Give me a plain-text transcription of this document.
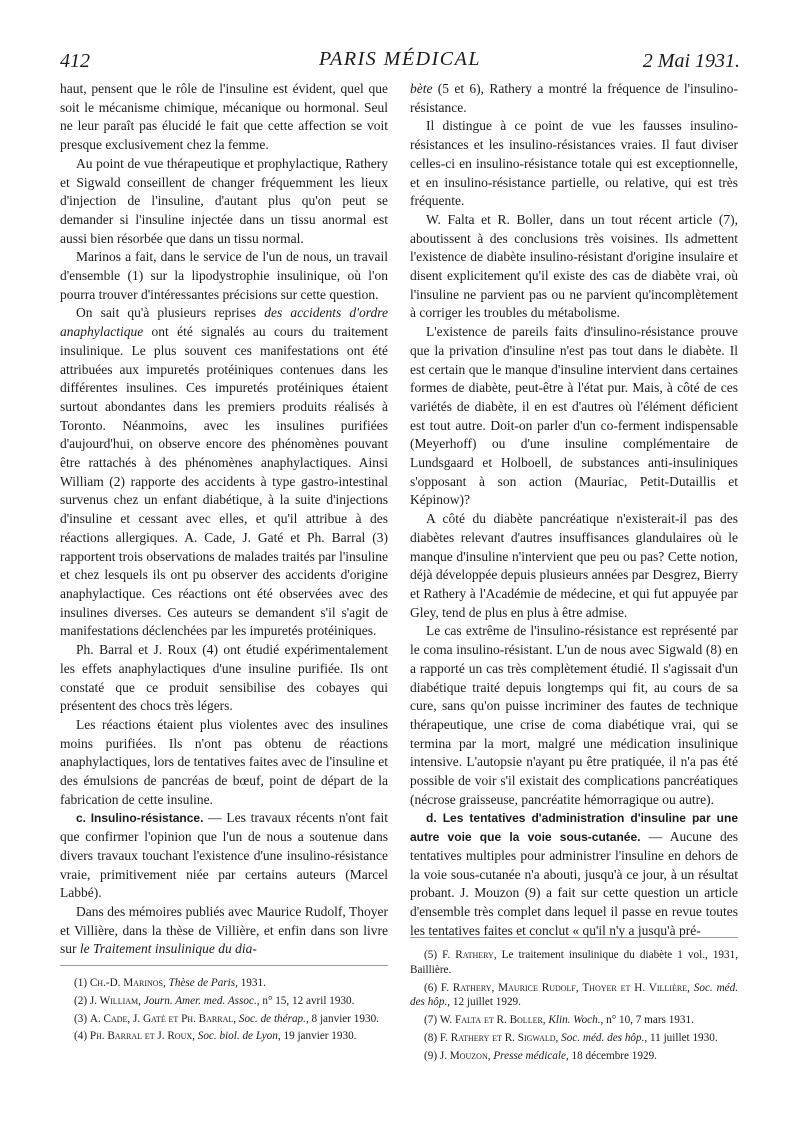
412	PARIS MÉDICAL	2 Mai 1931.

haut, pensent que le rôle de l'insuline est évident, quel que soit le mécanisme chimique, mécanique ou hormonal. Seul ne leur paraît pas élucidé le fait que cette affection se voit presque exclusivement chez la femme.

Au point de vue thérapeutique et prophylactique, Rathery et Sigwald conseillent de changer fréquemment les lieux d'injection de l'insuline, d'autant plus qu'on peut se demander si l'insuline injectée dans un tissu anormal est aussi bien résorbée que dans un tissu normal.

Marinos a fait, dans le service de l'un de nous, un travail d'ensemble (1) sur la lipodystrophie insulinique, où l'on pourra trouver d'intéressantes précisions sur cette question.

On sait qu'à plusieurs reprises des accidents d'ordre anaphylactique ont été signalés au cours du traitement insulinique. Le plus souvent ces manifestations ont été attribuées aux impuretés protéiniques contenues dans les différentes insulines. Ces impuretés protéiniques étaient surtout abondantes dans les premiers produits réalisés à Toronto. Néanmoins, avec les insulines purifiées d'aujourd'hui, on observe encore des phénomènes pouvant être rattachés à des phénomènes anaphylactiques. Ainsi William (2) rapporte des accidents à type gastro-intestinal survenus chez un enfant diabétique, à la suite d'injections d'insuline et cessant avec elles, et qu'il attribue à des réactions allergiques. A. Cade, J. Gaté et Ph. Barral (3) rapportent trois observations de malades traités par l'insuline et chez lesquels ils ont pu observer des accidents d'origine anaphylactique. Ces réactions ont été observées avec des insulines diverses. Ces auteurs se demandent s'il s'agit de manifestations déclenchées par les impuretés protéiniques.

Ph. Barral et J. Roux (4) ont étudié expérimentalement les effets anaphylactiques d'une insuline purifiée. Ils ont constaté que ce produit sensibilise des cobayes qui présentent des chocs très légers.

Les réactions étaient plus violentes avec des insulines moins purifiées. Ils n'ont pas obtenu de réactions anaphylactiques, lors de tentatives faites avec de l'insuline et des émulsions de pancréas de bœuf, point de départ de la fabrication de cette insuline.

c. Insulino-résistance. — Les travaux récents n'ont fait que confirmer l'opinion que l'un de nous a soutenue dans divers travaux touchant l'existence d'une insulino-résistance vraie, primitivement niée par certains auteurs (Marcel Labbé).

Dans des mémoires publiés avec Maurice Rudolf, Thoyer et Villière, dans la thèse de Villière, et enfin dans son livre sur le Traitement insulinique du dia-

bète (5 et 6), Rathery a montré la fréquence de l'insulino-résistance.

Il distingue à ce point de vue les fausses insulino-résistances et les insulino-résistances vraies. Il faut diviser celles-ci en insulino-résistance totale qui est exceptionnelle, et en insulino-résistance partielle, ou relative, qui est très fréquente.

W. Falta et R. Boller, dans un tout récent article (7), aboutissent à des conclusions très voisines. Ils admettent l'existence de diabète insulino-résistant d'origine insulaire et disent explicitement qu'il existe des cas de diabète vrai, où l'insuline ne parvient pas ou ne parvient qu'incomplètement à corriger les troubles du métabolisme.

L'existence de pareils faits d'insulino-résistance prouve que la privation d'insuline n'est pas tout dans le diabète. Il est certain que le manque d'insuline intervient dans certaines formes de diabète, peut-être à l'état pur. Mais, à côté de ces variétés de diabète, il en est d'autres où l'élément déficient est tout autre. Doit-on parler d'un co-ferment indispensable (Meyerhoff) ou d'une insuline complémentaire de Lundsgaard et Holboell, de substances anti-insuliniques s'opposant à son action (Mauriac, Petit-Dutaillis et Képinow)?

A côté du diabète pancréatique n'existerait-il pas des diabètes relevant d'autres insuffisances glandulaires où le manque d'insuline n'intervient que peu ou pas? Cette notion, déjà développée depuis plusieurs années par Desgrez, Bierry et Rathery à l'Académie de médecine, et qui fut appuyée par Gley, tend de plus en plus à être admise.

Le cas extrême de l'insulino-résistance est représenté par le coma insulino-résistant. L'un de nous avec Sigwald (8) en a rapporté un cas très complètement étudié. Il s'agissait d'un diabétique traité depuis longtemps qui fit, au cours de sa cure, sans qu'on puisse incriminer des fautes de technique thérapeutique, une crise de coma diabétique vrai, qui se termina par la mort, malgré une médication insulinique intensive. L'autopsie n'ayant pu être pratiquée, il n'a pas été possible de voir s'il existait des complications pancréatiques (nécrose graisseuse, pancréatite hémorragique ou autre).

d. Les tentatives d'administration d'insuline par une autre voie que la voie sous-cutanée. — Aucune des tentatives multiples pour administrer l'insuline en dehors de la voie sous-cutanée n'a abouti, jusqu'à ce jour, à un résultat probant. J. Mouzon (9) a fait sur cette question un article d'ensemble très complet dans lequel il passe en revue toutes les tentatives faites et conclut « qu'il n'y a jusqu'à pré-

(1) Ch.-D. Marinos, Thèse de Paris, 1931.

(2) J. William, Journ. Amer. med. Assoc., n° 15, 12 avril 1930.

(3) A. Cade, J. Gaté et Ph. Barral, Soc. de thérap., 8 janvier 1930.

(4) Ph. Barral et J. Roux, Soc. biol. de Lyon, 19 janvier 1930.

(5) F. Rathery, Le traitement insulinique du diabète 1 vol., 1931, Baillière.

(6) F. Rathery, Maurice Rudolf, Thoyer et H. Villière, Soc. méd. des hôp., 12 juillet 1929.

(7) W. Falta et R. Boller, Klin. Woch., n° 10, 7 mars 1931.

(8) F. Rathery et R. Sigwald, Soc. méd. des hôp., 11 juillet 1930.

(9) J. Mouzon, Presse médicale, 18 décembre 1929.
